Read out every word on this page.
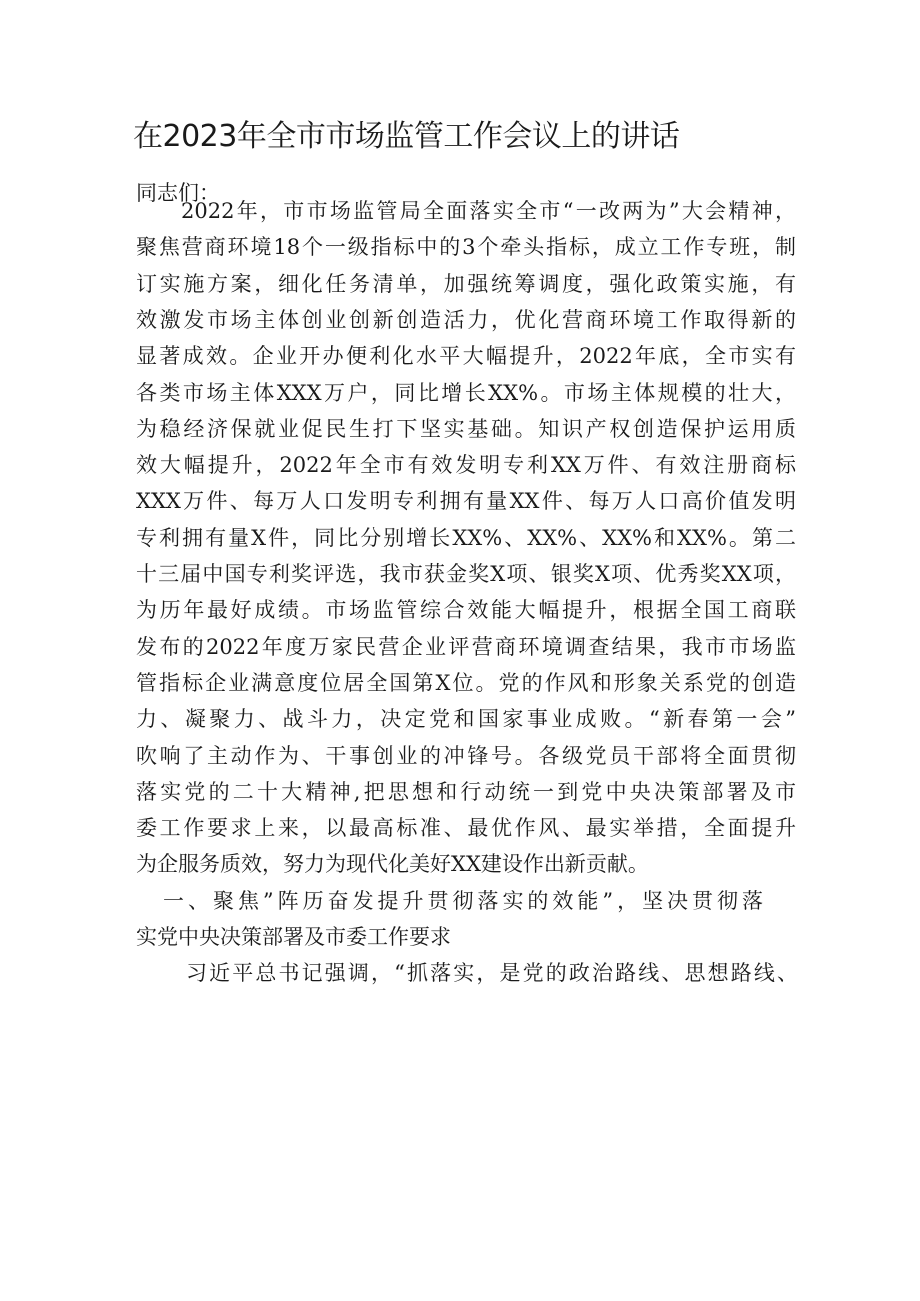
在2023年全市市场监管工作会议上的讲话
同志们：
2022年，市市场监管局全面落实全市“一改两为”大会精神，
聚焦营商环境18个一级指标中的3个牵头指标，成立工作专班，制
订实施方案，细化任务清单，加强统筹调度，强化政策实施，有
效激发市场主体创业创新创造活力，优化营商环境工作取得新的
显著成效。企业开办便利化水平大幅提升，2022年底，全市实有
各类市场主体XXX万户，同比增长XX%。市场主体规模的壮大，
为稳经济保就业促民生打下坚实基础。知识产权创造保护运用质
效大幅提升，2022年全市有效发明专利XX万件、有效注册商标
XXX万件、每万人口发明专利拥有量XX件、每万人口高价值发明
专利拥有量X件，同比分别增长XX%、XX%、XX%和XX%。第二
十三届中国专利奖评选，我市获金奖X项、银奖X项、优秀奖XX项，
为历年最好成绩。市场监管综合效能大幅提升，根据全国工商联
发布的2022年度万家民营企业评营商环境调查结果，我市市场监
管指标企业满意度位居全国第X位。党的作风和形象关系党的创造
力、凝聚力、战斗力，决定党和国家事业成败。“新春第一会”
吹响了主动作为、干事创业的冲锋号。各级党员干部将全面贯彻
落实党的二十大精神,把思想和行动统一到党中央决策部署及市
委工作要求上来，以最高标准、最优作风、最实举措，全面提升
为企服务质效，努力为现代化美好XX建设作出新贡献。
一、聚焦”阵历奋发提升贯彻落实的效能”，坚决贯彻落
实党中央决策部署及市委工作要求
习近平总书记强调，“抓落实，是党的政治路线、思想路线、
